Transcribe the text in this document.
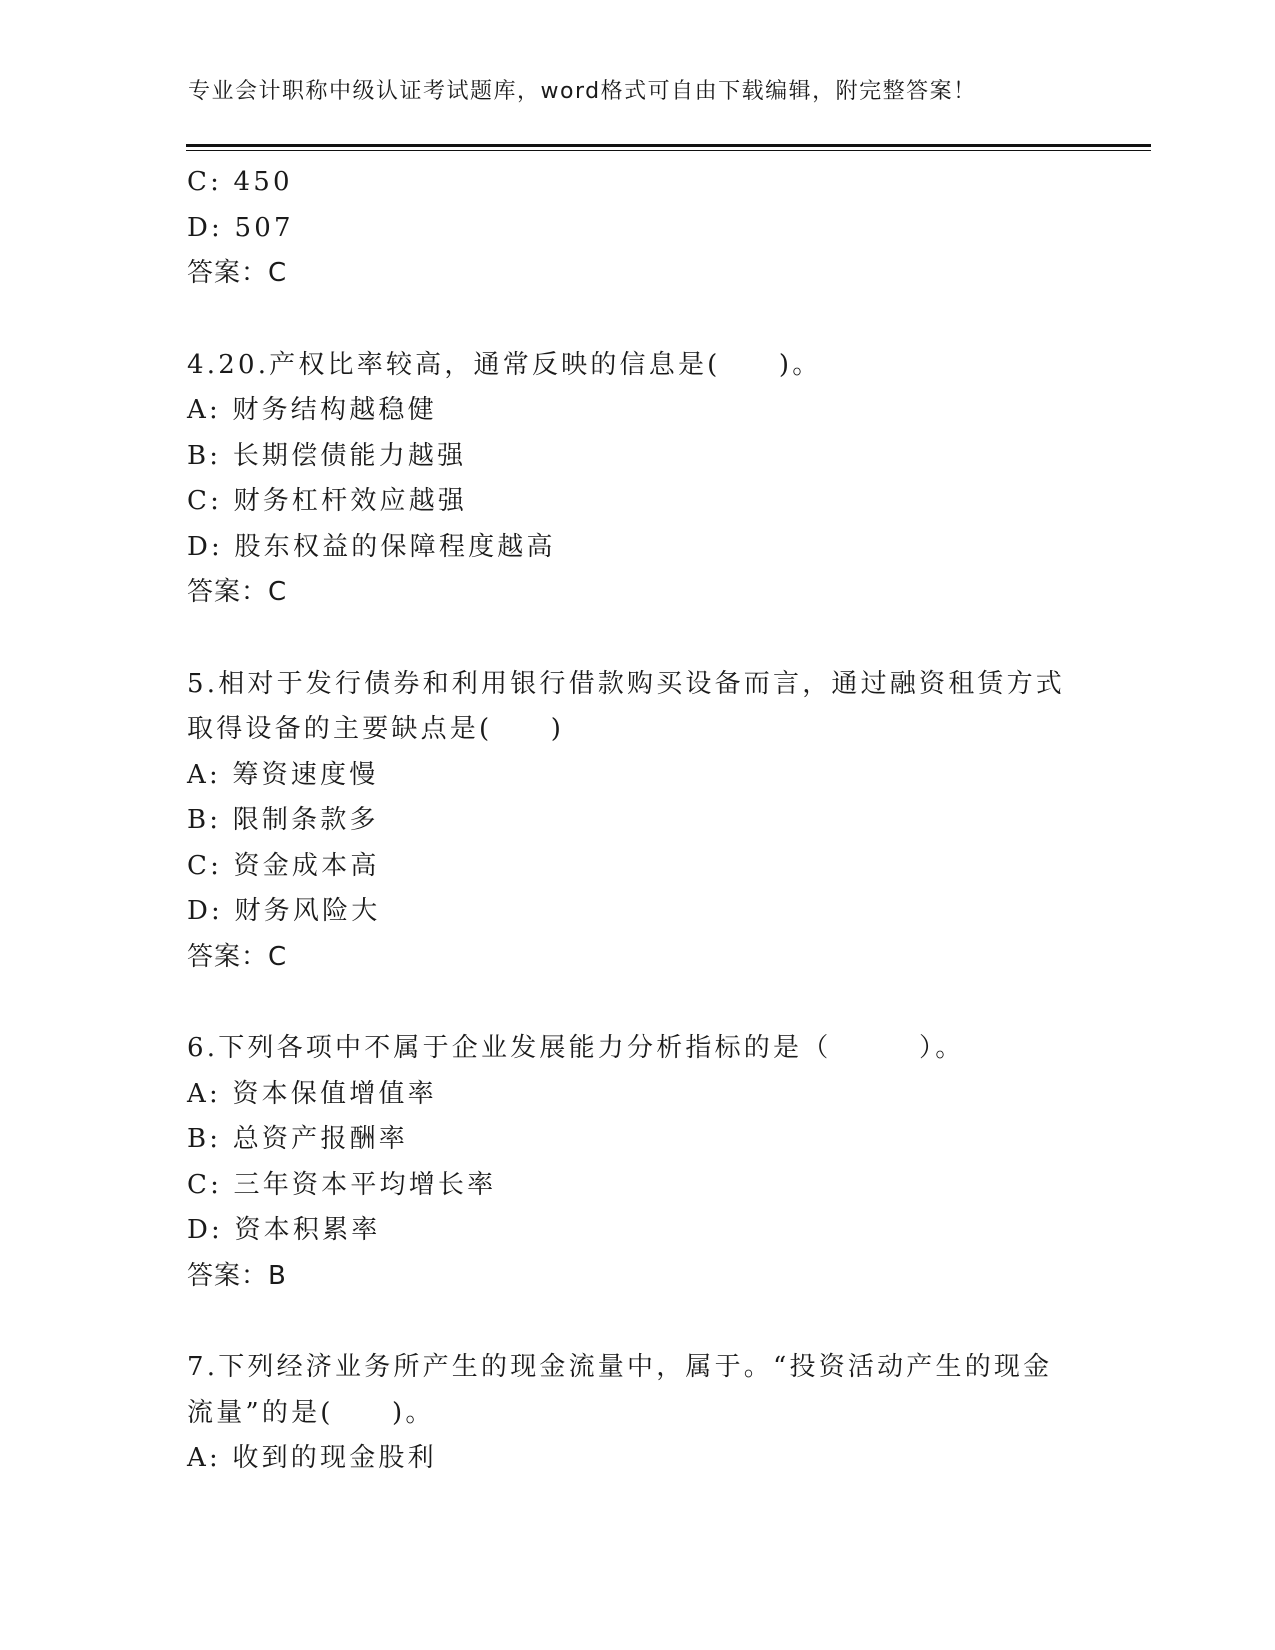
专业会计职称中级认证考试题库，word格式可自由下载编辑，附完整答案！
C: 450
D: 507
答案：C
4.20.产权比率较高，通常反映的信息是(　　)。
A: 财务结构越稳健
B: 长期偿债能力越强
C: 财务杠杆效应越强
D: 股东权益的保障程度越高
答案：C
5.相对于发行债券和利用银行借款购买设备而言，通过融资租赁方式
取得设备的主要缺点是(　　)
A: 筹资速度慢
B: 限制条款多
C: 资金成本高
D: 财务风险大
答案：C
6.下列各项中不属于企业发展能力分析指标的是（　　　）。
A: 资本保值增值率
B: 总资产报酬率
C: 三年资本平均增长率
D: 资本积累率
答案：B
7.下列经济业务所产生的现金流量中，属于。“投资活动产生的现金
流量”的是(　　)。
A: 收到的现金股利
